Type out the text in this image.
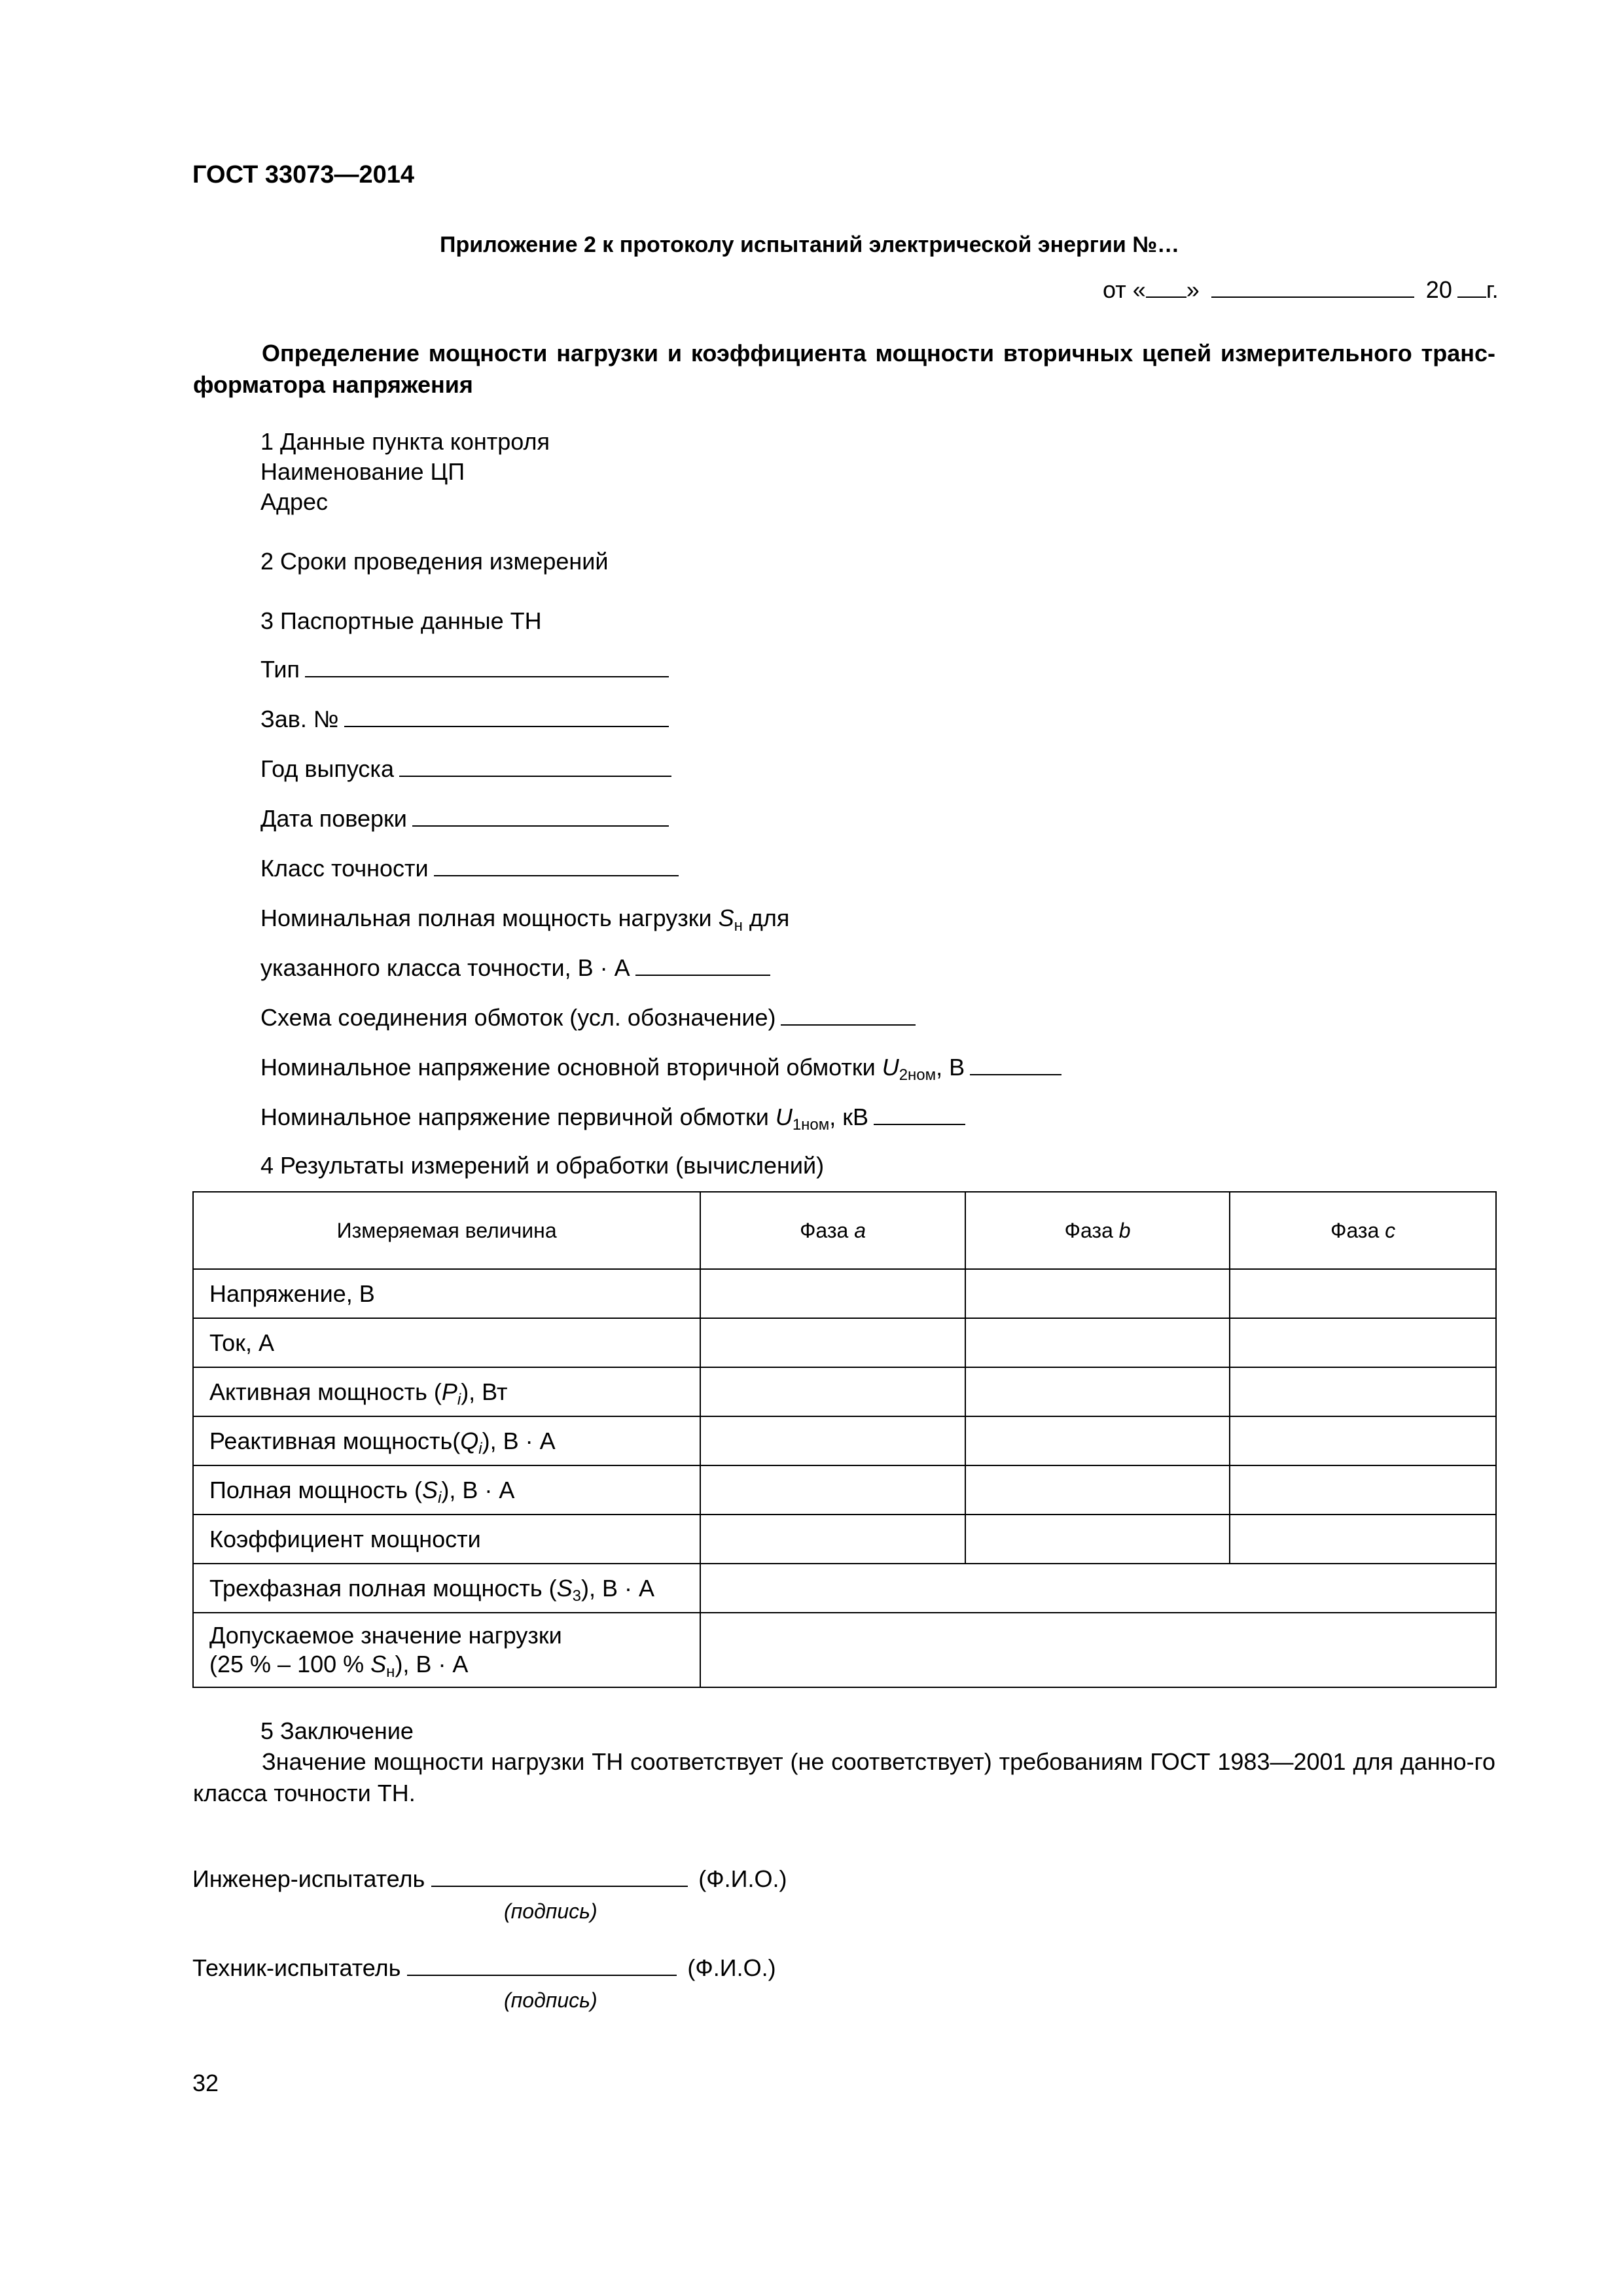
ГОСТ 33073—2014
Приложение 2 к протоколу испытаний электрической энергии №…
от « »	20 г.
Определение мощности нагрузки и коэффициента мощности вторичных цепей измерительного транс-форматора напряжения
1 Данные пункта контроля
Наименование ЦП
Адрес
2 Сроки проведения измерений
3 Паспортные данные ТН
Тип
Зав. №
Год выпуска
Дата поверки
Класс точности
Номинальная полная мощность нагрузки $S_н$ для
указанного класса точности, В · А
Схема соединения обмоток (усл. обозначение)
Номинальное напряжение основной вторичной обмотки $U_{2ном}$, В
Номинальное напряжение первичной обмотки $U_{1ном}$, кВ
4 Результаты измерений и обработки (вычислений)
Измеряемая величина	Фаза a	Фаза b	Фаза c
Напряжение, В			
Ток, А			
Активная мощность $(P_i)$, Вт			
Реактивная $мощность(Q_i)$, В · А			
Полная мощность $(S_i)$, В · А			
Коэффициент мощности			
Трехфазная полная мощность $(S_3)$, В · А			

Допускаемое значение нагрузки
(25 % – 100 % $S_н$), В · А			

5 Заключение
Значение мощности нагрузки ТН соответствует (не соответствует) требованиям ГОСТ 1983—2001 для данно-го класса точности ТН.
Инженер-испытатель	(Ф.И.О.)
(подпись)
Техник-испытатель	(Ф.И.О.)
(подпись)
32
